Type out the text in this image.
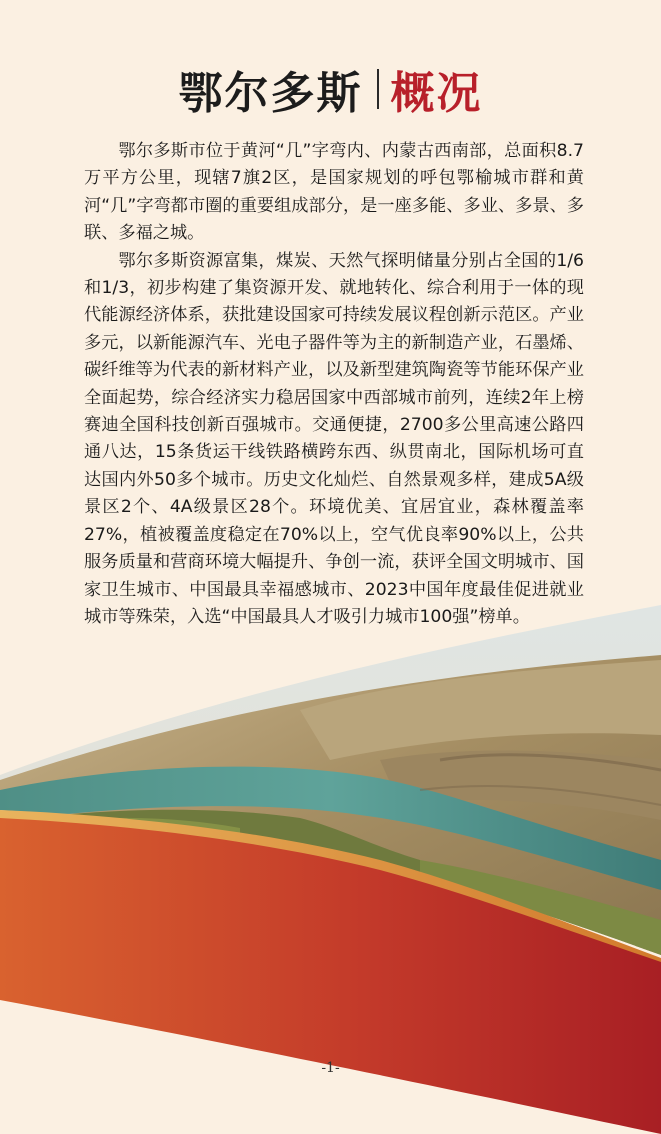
鄂尔多斯 概况

鄂尔多斯市位于黄河“几”字弯内、内蒙古西南部，总面积8.7万平方公里，现辖7旗2区，是国家规划的呼包鄂榆城市群和黄河“几”字弯都市圈的重要组成部分，是一座多能、多业、多景、多联、多福之城。

鄂尔多斯资源富集，煤炭、天然气探明储量分别占全国的1/6和1/3，初步构建了集资源开发、就地转化、综合利用于一体的现代能源经济体系，获批建设国家可持续发展议程创新示范区。产业多元，以新能源汽车、光电子器件等为主的新制造产业，石墨烯、碳纤维等为代表的新材料产业，以及新型建筑陶瓷等节能环保产业全面起势，综合经济实力稳居国家中西部城市前列，连续2年上榜赛迪全国科技创新百强城市。交通便捷，2700多公里高速公路四通八达，15条货运干线铁路横跨东西、纵贯南北，国际机场可直达国内外50多个城市。历史文化灿烂、自然景观多样，建成5A级景区2个、4A级景区28个。环境优美、宜居宜业，森林覆盖率27%，植被覆盖度稳定在70%以上，空气优良率90%以上，公共服务质量和营商环境大幅提升、争创一流，获评全国文明城市、国家卫生城市、中国最具幸福感城市、2023中国年度最佳促进就业城市等殊荣，入选“中国最具人才吸引力城市100强”榜单。

-1-
